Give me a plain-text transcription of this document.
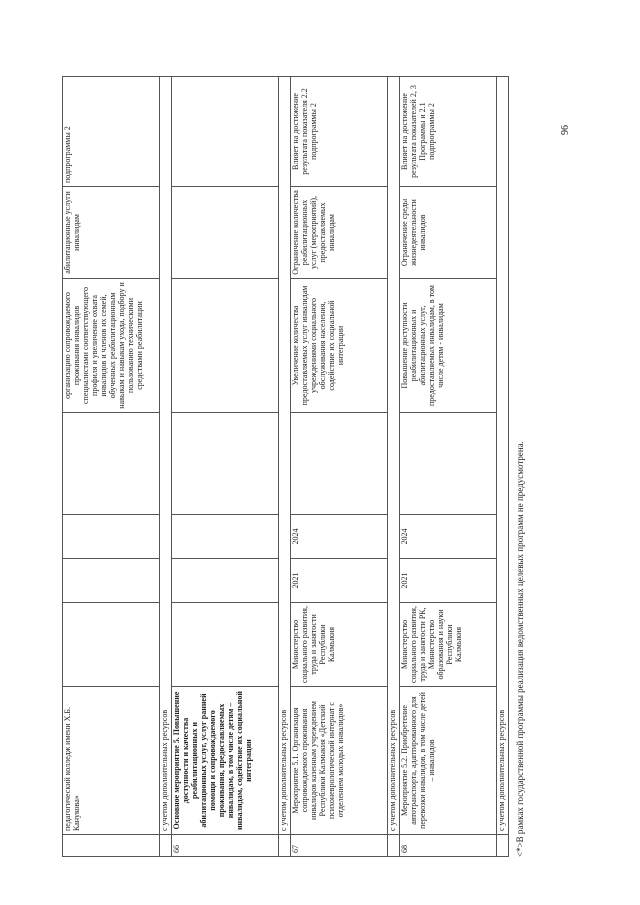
	педагогический колледж имени Х.Б. Канукова»					организацию сопровождаемого проживания инвалидов специалистами соответствующего профиля и увеличение охвата инвалидов и членов их семей, обученных реабилитационным навыкам и навыкам ухода, подбору и пользованию техническими средствами реабилитации	абилитационные услуги инвалидам	подпрограммы 2
	с учетом дополнительных ресурсов							
66	Основное мероприятие 5. Повышение доступности и качества реабилитационных и абилитационных услуг, услуг ранней помощи и сопровождаемого проживания, предоставляемых инвалидам, в том числе детям – инвалидам, содействие их социальной интеграции							
	с учетом дополнительных ресурсов							
67	Мероприятие 5.1. Организация сопровождаемого проживания инвалидов казенным учреждением Республики Калмыкия «Детский психоневрологический интернат с отделением молодых инвалидов»	Министерство социального развития, труда и занятости Республики Калмыкия	2021	2024		Увеличение количества предоставляемых услуг инвалидам учреждениями социального обслуживания населения, содействие их социальной интеграции	Ограничение количества реабилитационных услуг (мероприятий), предоставляемых инвалидам	Влияет на достижение результата показателя 2.2 подпрограммы 2
	с учетом дополнительных ресурсов							
68	Мероприятие 5.2. Приобретение автотранспорта, адаптированного для перевозки инвалидов, в том числе детей – инвалидов	Министерство социального развития, труда и занятости РК, Министерство образования и науки Республики Калмыкия	2021	2024		Повышение доступности реабилитационных и абилитационных услуг, предоставляемых инвалидам, в том числе детям - инвалидам	Ограничение среды жизнедеятельности инвалидов	Влияет на достижение результата показателей 2, 3 Программы и 2.1 подпрограммы 2
	с учетом дополнительных ресурсов							<*>В рамках государственной программы реализация ведомственных целевых программ не предусмотрена.
96
